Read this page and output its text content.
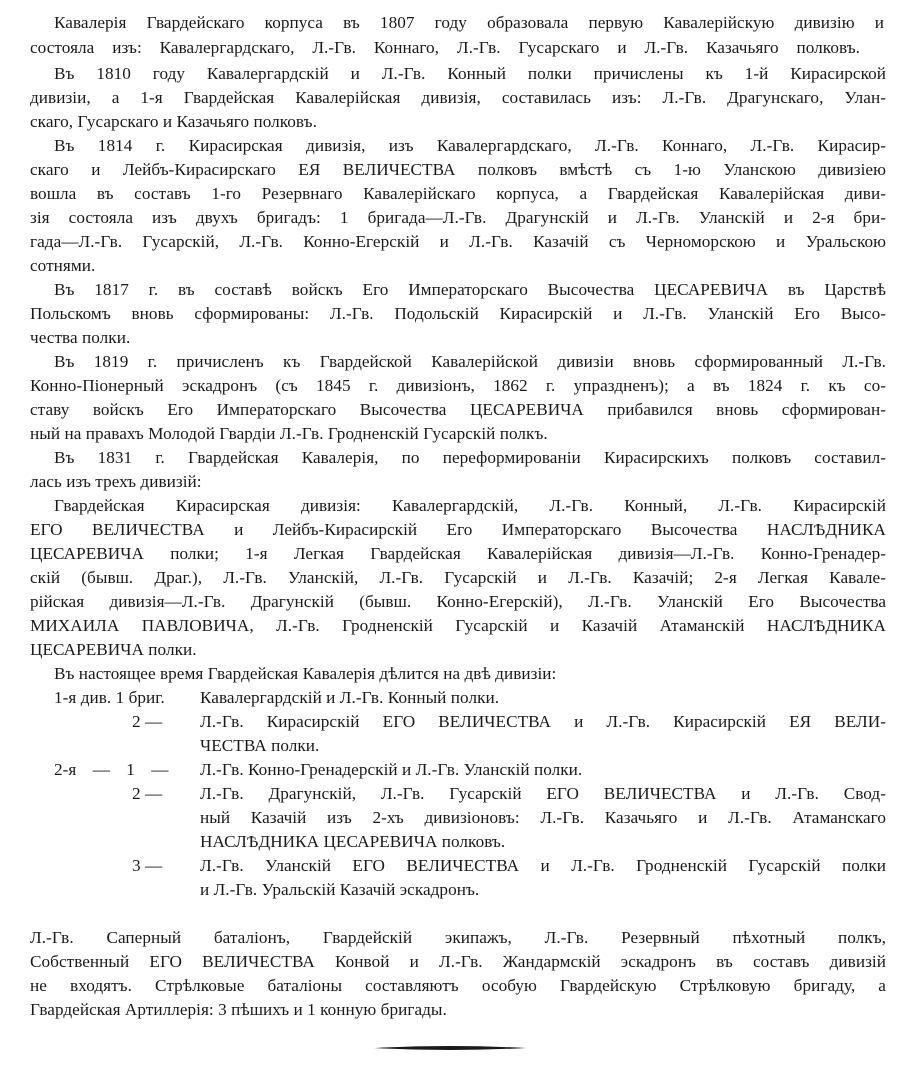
Кавалерія Гвардейскаго корпуса въ 1807 году образовала первую Кавалерійскую дивизію и
состояла изъ: Кавалергардскаго, Л.-Гв. Коннаго, Л.-Гв. Гусарскаго и Л.-Гв. Казачьяго полковъ.
Въ 1810 году Кавалергардскій и Л.-Гв. Конный полки причислены къ 1-й Кирасирской
дивизіи, а 1-я Гвардейская Кавалерійская дивизія, составилась изъ: Л.-Гв. Драгунскаго, Улан-
скаго, Гусарскаго и Казачьяго полковъ.
Въ 1814 г. Кирасирская дивизія, изъ Кавалергардскаго, Л.-Гв. Коннаго, Л.-Гв. Кирасир-
скаго и Лейбъ-Кирасирскаго ЕЯ ВЕЛИЧЕСТВА полковъ вмѣстѣ съ 1-ю Уланскою дивизіею
вошла въ составъ 1-го Резервнаго Кавалерійскаго корпуса, а Гвардейская Кавалерійская диви-
зія состояла изъ двухъ бригадъ: 1 бригада—Л.-Гв. Драгунскій и Л.-Гв. Уланскій и 2-я бри-
гада—Л.-Гв. Гусарскій, Л.-Гв. Конно-Егерскій и Л.-Гв. Казачій съ Черноморскою и Уральскою
сотнями.
Въ 1817 г. въ составѣ войскъ Его Императорскаго Высочества ЦЕСАРЕВИЧА въ Царствѣ
Польскомъ вновь сформированы: Л.-Гв. Подольскій Кирасирскій и Л.-Гв. Уланскій Его Высо-
чества полки.
Въ 1819 г. причисленъ къ Гвардейской Кавалерійской дивизіи вновь сформированный Л.-Гв.
Конно-Піонерный эскадронъ (съ 1845 г. дивизіонъ, 1862 г. упраздненъ); а въ 1824 г. къ со-
ставу войскъ Его Императорскаго Высочества ЦЕСАРЕВИЧА прибавился вновь сформирован-
ный на правахъ Молодой Гвардіи Л.-Гв. Гродненскій Гусарскій полкъ.
Въ 1831 г. Гвардейская Кавалерія, по переформированіи Кирасирскихъ полковъ составил-
лась изъ трехъ дивизій:
Гвардейская Кирасирская дивизія: Кавалергардскій, Л.-Гв. Конный, Л.-Гв. Кирасирскій
ЕГО ВЕЛИЧЕСТВА и Лейбъ-Кирасирскій Его Императорскаго Высочества НАСЛѢДНИКА
ЦЕСАРЕВИЧА полки; 1-я Легкая Гвардейская Кавалерійская дивизія—Л.-Гв. Конно-Гренадер-
скій (бывш. Драг.), Л.-Гв. Уланскій, Л.-Гв. Гусарскій и Л.-Гв. Казачій; 2-я Легкая Кавале-
рійская дивизія—Л.-Гв. Драгунскій (бывш. Конно-Егерскій), Л.-Гв. Уланскій Его Высочества
МИХАИЛА ПАВЛОВИЧА, Л.-Гв. Гродненскій Гусарскій и Казачій Атаманскій НАСЛѢДНИКА
ЦЕСАРЕВИЧА полки.
Въ настоящее время Гвардейская Кавалерія дѣлится на двѣ дивизіи:
1-я див. 1 бриг. Кавалергардскій и Л.-Гв. Конный полки.
2 — Л.-Гв. Кирасирскій ЕГО ВЕЛИЧЕСТВА и Л.-Гв. Кирасирскій ЕЯ ВЕЛИ-
ЧЕСТВА полки.
2-я — 1 — Л.-Гв. Конно-Гренадерскій и Л.-Гв. Уланскій полки.
2 — Л.-Гв. Драгунскій, Л.-Гв. Гусарскій ЕГО ВЕЛИЧЕСТВА и Л.-Гв. Свод-
ный Казачій изъ 2-хъ дивизіоновъ: Л.-Гв. Казачьяго и Л.-Гв. Атаманскаго
НАСЛѢДНИКА ЦЕСАРЕВИЧА полковъ.
3 — Л.-Гв. Уланскій ЕГО ВЕЛИЧЕСТВА и Л.-Гв. Гродненскій Гусарскій полки
и Л.-Гв. Уральскій Казачій эскадронъ.
Л.-Гв. Саперный баталіонъ, Гвардейскій экипажъ, Л.-Гв. Резервный пѣхотный полкъ,
Собственный ЕГО ВЕЛИЧЕСТВА Конвой и Л.-Гв. Жандармскій эскадронъ въ составъ дивизій
не входятъ. Стрѣлковые баталіоны составляютъ особую Гвардейскую Стрѣлковую бригаду, а
Гвардейская Артиллерія: 3 пѣшихъ и 1 конную бригады.
